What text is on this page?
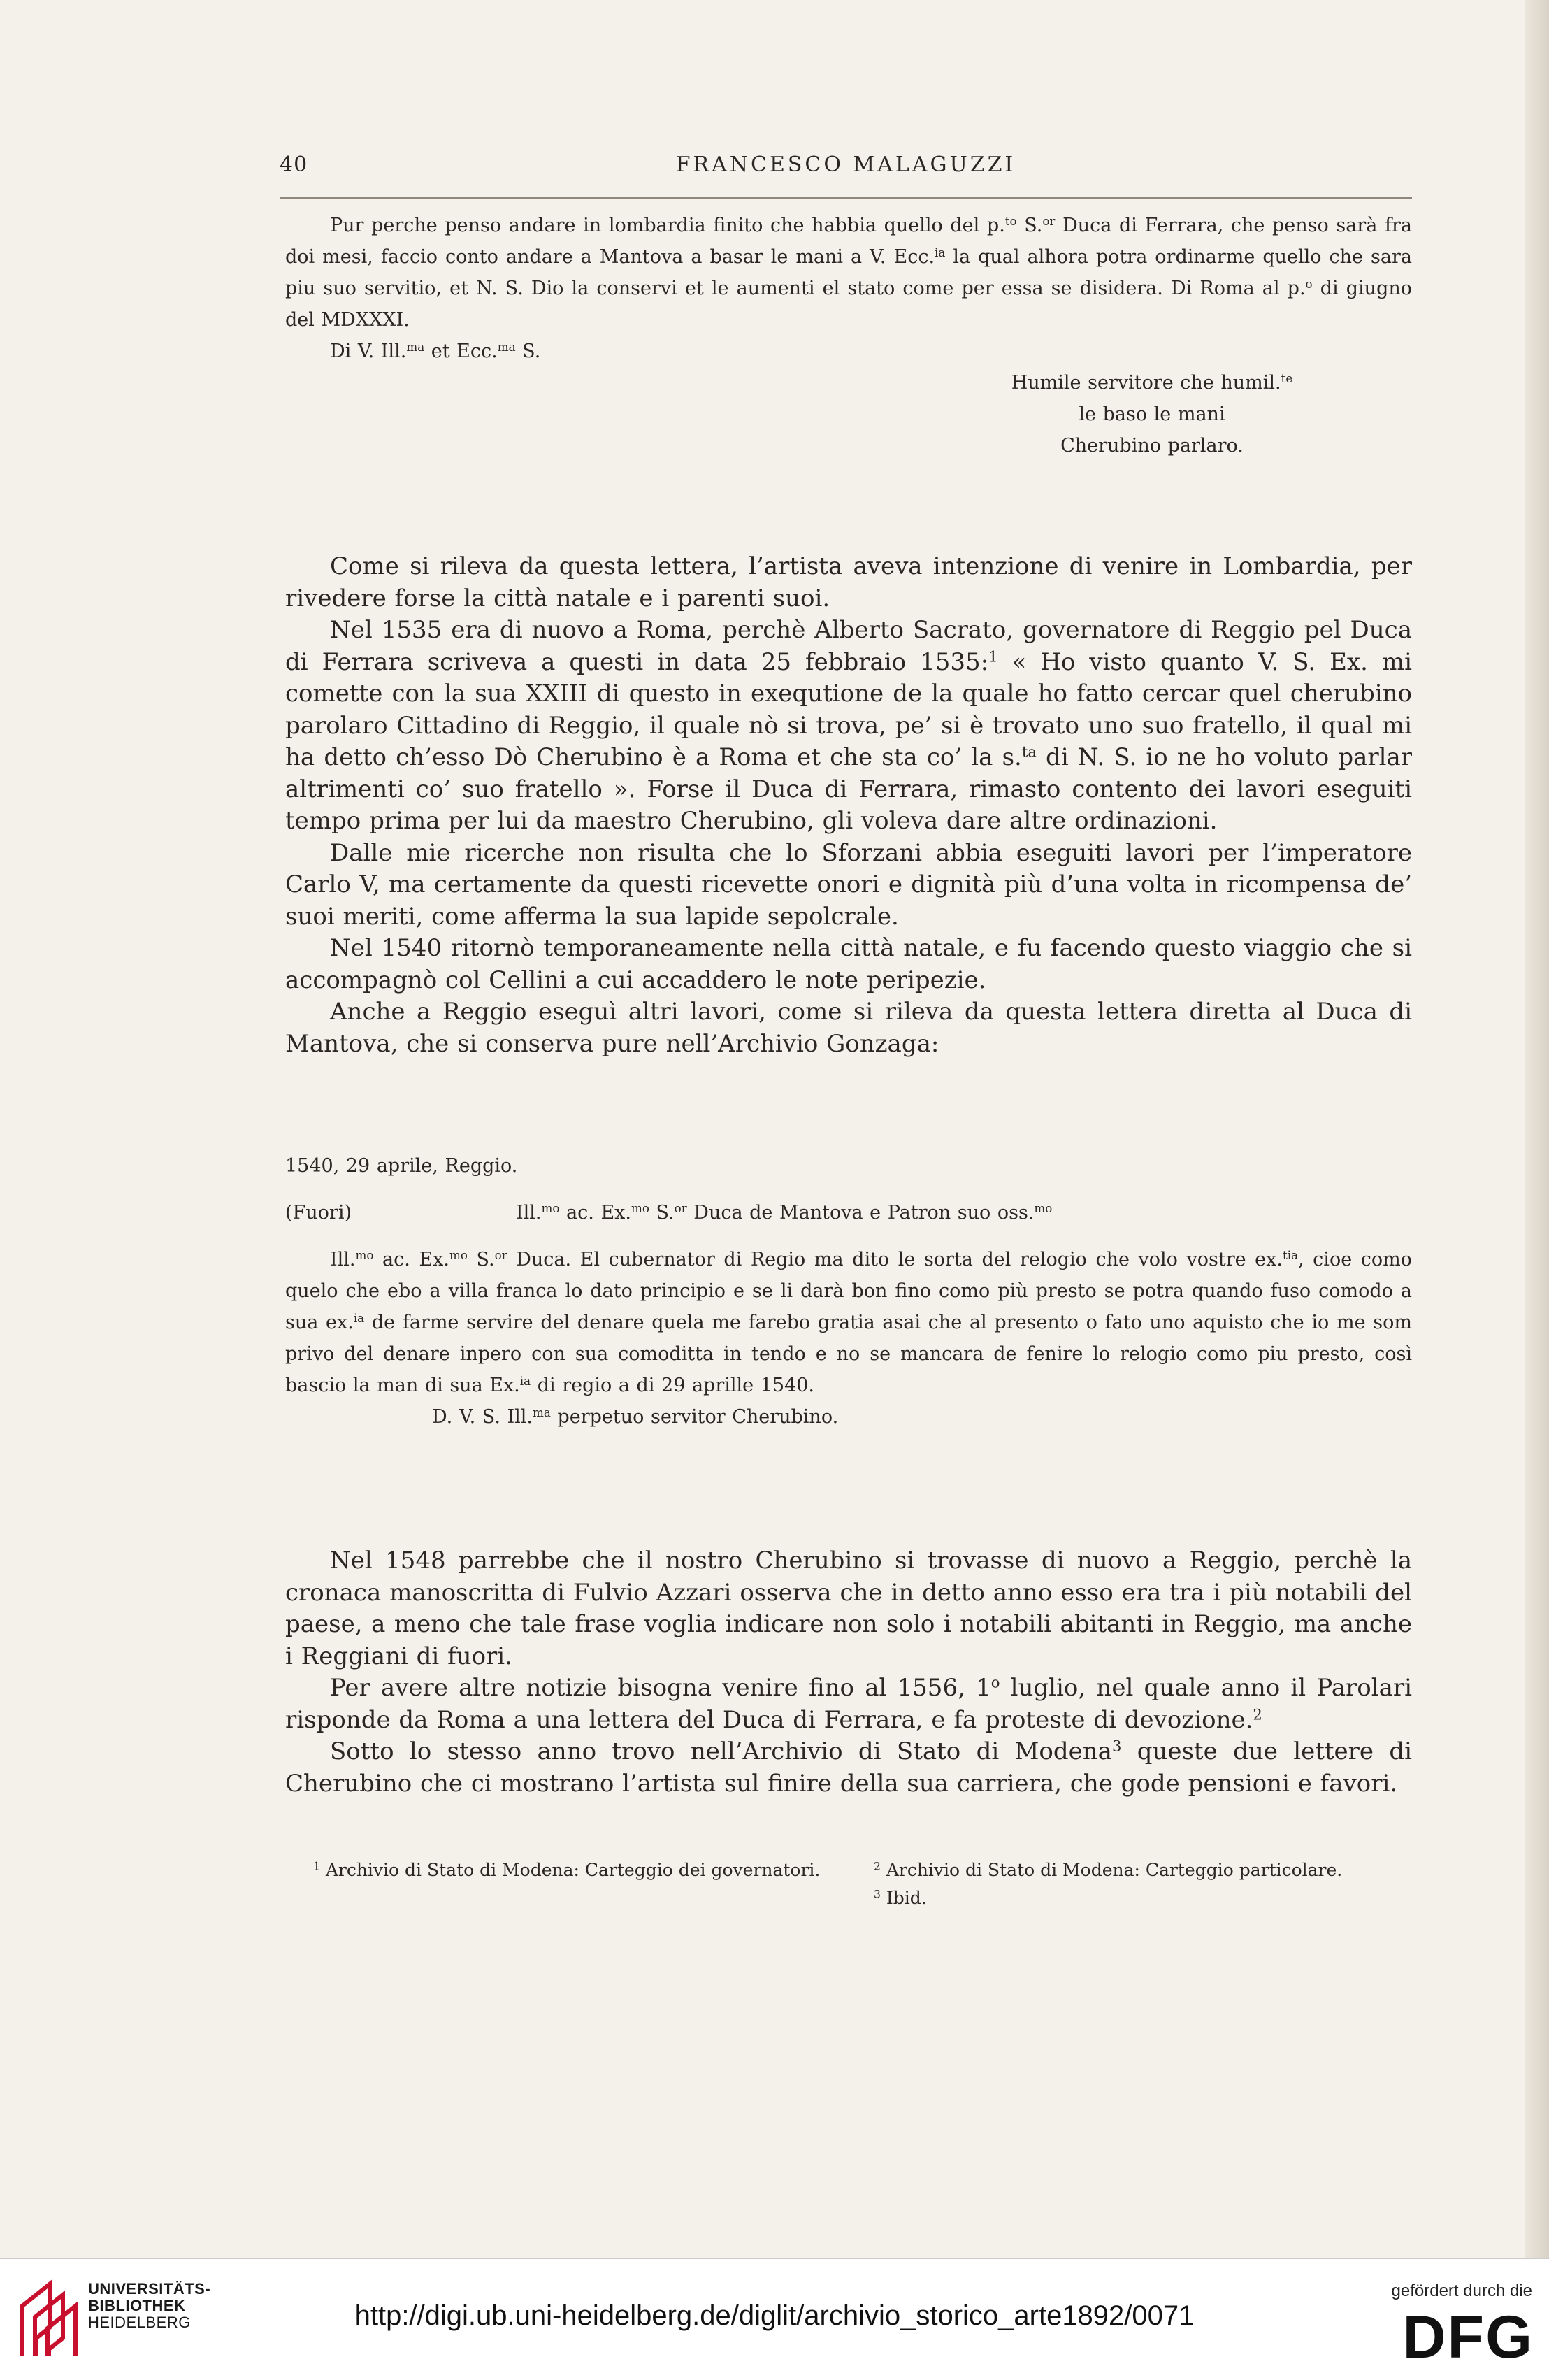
40	FRANCESCO MALAGUZZI

Pur perche penso andare in lombardia finito che habbia quello del p.$^{to}$ S.$^{or}$ Duca di Ferrara, che penso sarà fra doi mesi, faccio conto andare a Mantova a basar le mani a V. Ecc.$^{ia}$ la qual alhora potra ordinarme quello che sara piu suo servitio, et N. S. Dio la conservi et le aumenti el stato come per essa se disidera. Di Roma al p.$^o$ di giugno del MDXXXI.

Di V. Ill.$^{ma}$ et Ecc.$^{ma}$ S.
Humile servitore che humil.$^{te}$
le baso le mani
Cherubino parlaro.

Come si rileva da questa lettera, l’artista aveva intenzione di venire in Lombardia, per rivedere forse la città natale e i parenti suoi.

Nel 1535 era di nuovo a Roma, perchè Alberto Sacrato, governatore di Reggio pel Duca di Ferrara scriveva a questi in data 25 febbraio 1535:$^1$ « Ho visto quanto V. S. Ex. mi comette con la sua XXIII di questo in exequtione de la quale ho fatto cercar quel cherubino parolaro Cittadino di Reggio, il quale nò si trova, pe’ si è trovato uno suo fratello, il qual mi ha detto ch’esso Dò Cherubino è a Roma et che sta co’ la s.$^{ta}$ di N. S. io ne ho voluto parlar altrimenti co’ suo fratello ». Forse il Duca di Ferrara, rimasto contento dei lavori eseguiti tempo prima per lui da maestro Cherubino, gli voleva dare altre ordinazioni.

Dalle mie ricerche non risulta che lo Sforzani abbia eseguiti lavori per l’imperatore Carlo V, ma certamente da questi ricevette onori e dignità più d’una volta in ricompensa de’ suoi meriti, come afferma la sua lapide sepolcrale.

Nel 1540 ritornò temporaneamente nella città natale, e fu facendo questo viaggio che si accompagnò col Cellini a cui accaddero le note peripezie.

Anche a Reggio eseguì altri lavori, come si rileva da questa lettera diretta al Duca di Mantova, che si conserva pure nell’Archivio Gonzaga:

1540, 29 aprile, Reggio.
(Fuori)	Ill.$^{mo}$ ac. Ex.$^{mo}$ S.$^{or}$ Duca de Mantova e Patron suo oss.$^{mo}$

Ill.$^{mo}$ ac. Ex.$^{mo}$ S.$^{or}$ Duca. El cubernator di Regio ma dito le sorta del relogio che volo vostre ex.$^{tia}$, cioe como quelo che ebo a villa franca lo dato principio e se li darà bon fino como più presto se potra quando fuso comodo a sua ex.$^{ia}$ de farme servire del denare quela me farebo gratia asai che al presento o fato uno aquisto che io me som privo del denare inpero con sua comoditta in tendo e no se mancara de fenire lo relogio como piu presto, così bascio la man di sua Ex.$^{ia}$ di regio a di 29 aprille 1540.

D. V. S. Ill.$^{ma}$ perpetuo servitor Cherubino.

Nel 1548 parrebbe che il nostro Cherubino si trovasse di nuovo a Reggio, perchè la cronaca manoscritta di Fulvio Azzari osserva che in detto anno esso era tra i più notabili del paese, a meno che tale frase voglia indicare non solo i notabili abitanti in Reggio, ma anche i Reggiani di fuori.

Per avere altre notizie bisogna venire fino al 1556, 1$^o$ luglio, nel quale anno il Parolari risponde da Roma a una lettera del Duca di Ferrara, e fa proteste di devozione.$^2$

Sotto lo stesso anno trovo nell’Archivio di Stato di Modena$^3$ queste due lettere di Cherubino che ci mostrano l’artista sul finire della sua carriera, che gode pensioni e favori.

$^1$ Archivio di Stato di Modena: Carteggio dei governatori.	$^2$ Archivio di Stato di Modena: Carteggio particolare.
$^3$ Ibid.
UNIVERSITÄTS-
BIBLIOTHEK
HEIDELBERG	http://digi.ub.uni-heidelberg.de/diglit/archivio_storico_arte1892/0071
gefördert durch die
DFG
